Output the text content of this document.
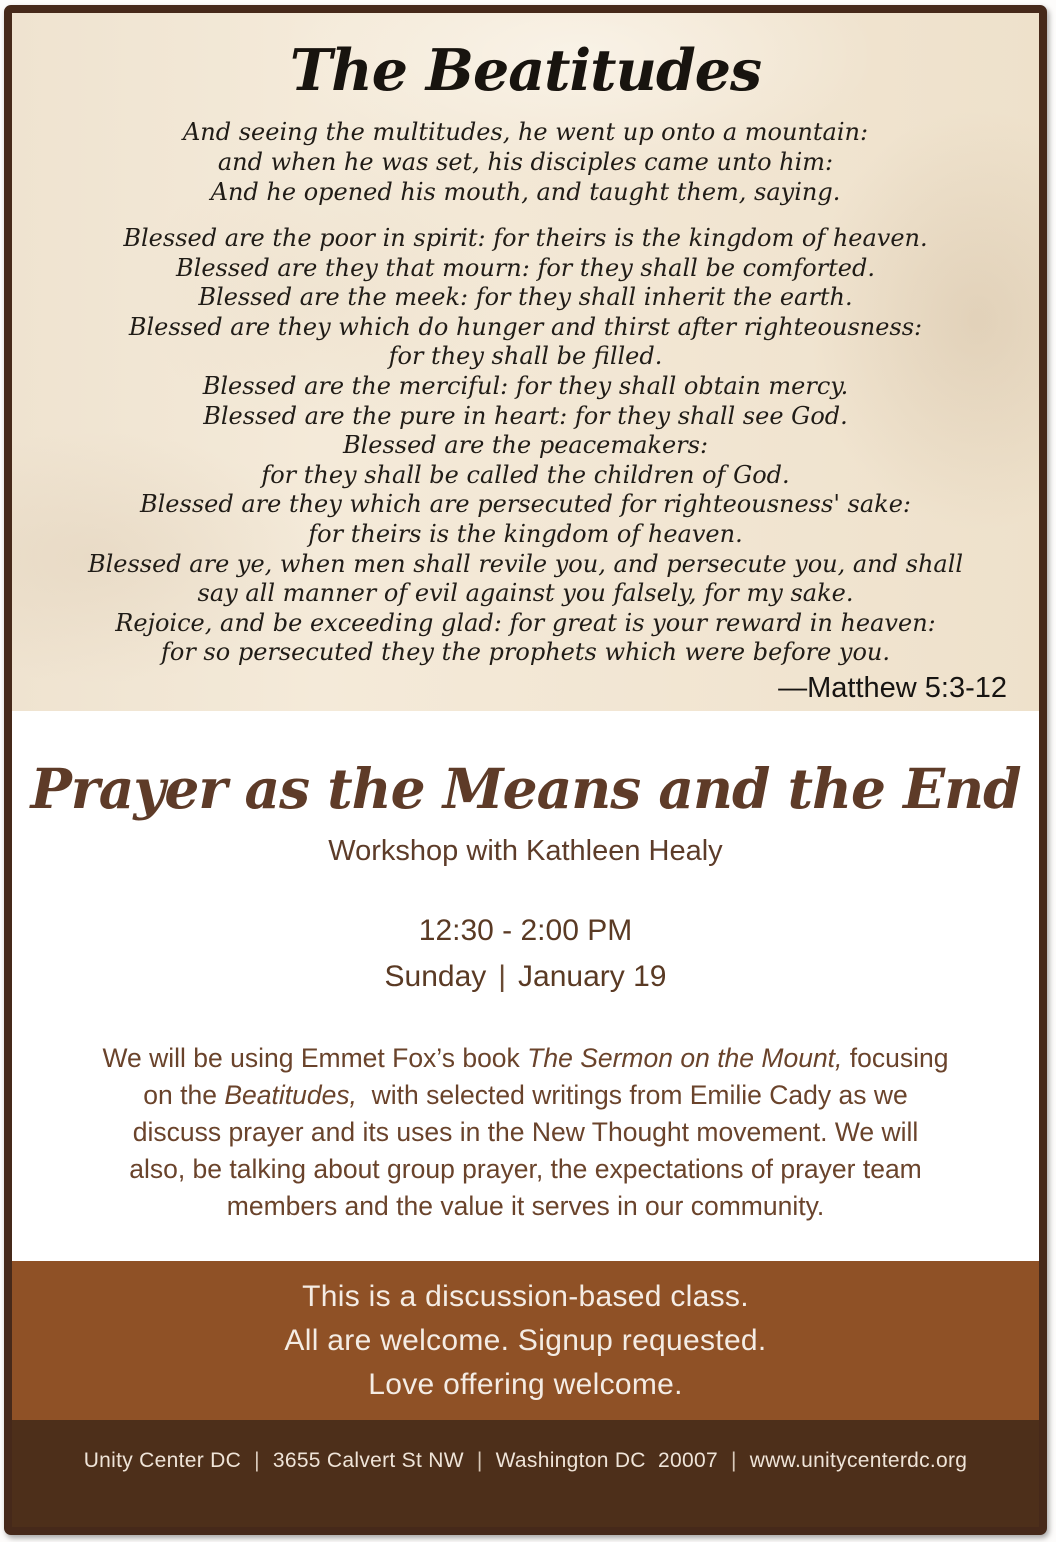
The Beatitudes
And seeing the multitudes, he went up onto a mountain:
and when he was set, his disciples came unto him:
And he opened his mouth, and taught them, saying.
Blessed are the poor in spirit: for theirs is the kingdom of heaven.
Blessed are they that mourn: for they shall be comforted.
Blessed are the meek: for they shall inherit the earth.
Blessed are they which do hunger and thirst after righteousness:
for they shall be filled.
Blessed are the merciful: for they shall obtain mercy.
Blessed are the pure in heart: for they shall see God.
Blessed are the peacemakers:
for they shall be called the children of God.
Blessed are they which are persecuted for righteousness' sake:
for theirs is the kingdom of heaven.
Blessed are ye, when men shall revile you, and persecute you, and shall
say all manner of evil against you falsely, for my sake.
Rejoice, and be exceeding glad: for great is your reward in heaven:
for so persecuted they the prophets which were before you.
—Matthew 5:3-12
Prayer as the Means and the End
Workshop with Kathleen Healy
12:30 - 2:00 PM
Sunday | January 19
We will be using Emmet Fox’s book The Sermon on the Mount, focusing
on the Beatitudes,  with selected writings from Emilie Cady as we
discuss prayer and its uses in the New Thought movement. We will
also, be talking about group prayer, the expectations of prayer team
members and the value it serves in our community.
This is a discussion-based class.
All are welcome. Signup requested.
Love offering welcome.
Unity Center DC | 3655 Calvert St NW | Washington DC  20007 | www.unitycenterdc.org
